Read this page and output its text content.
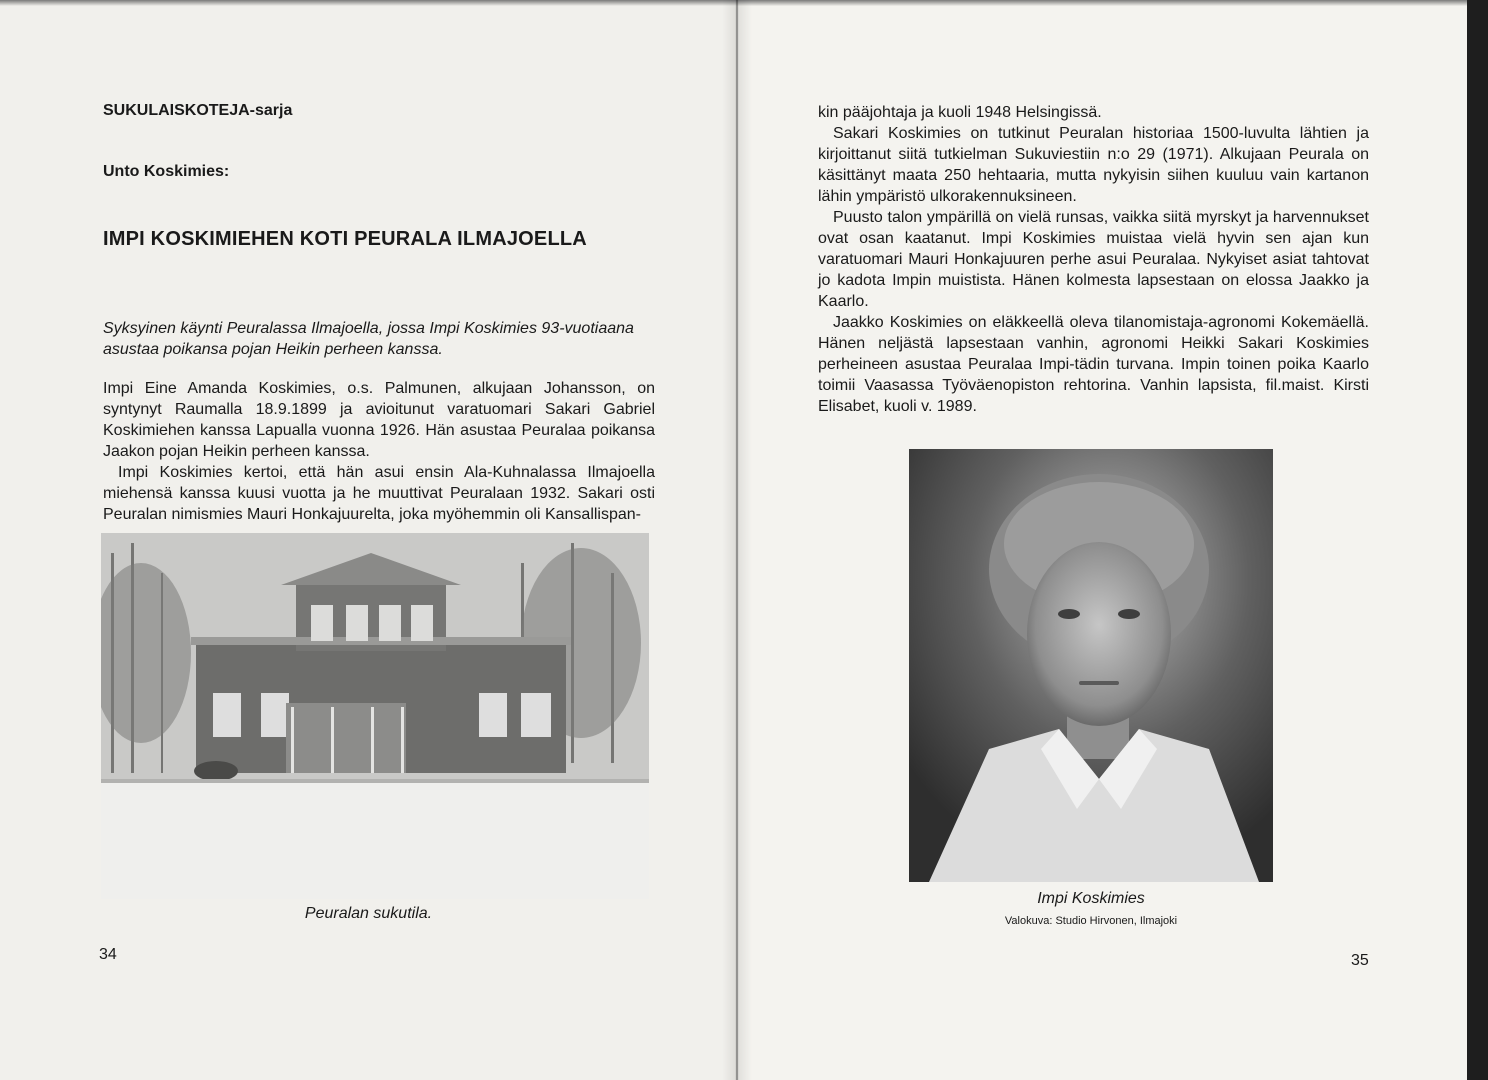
SUKULAISKOTEJA-sarja
Unto Koskimies:
IMPI KOSKIMIEHEN KOTI PEURALA ILMAJOELLA
Syksyinen käynti Peuralassa Ilmajoella, jossa Impi Koskimies 93-vuotiaana asustaa poikansa pojan Heikin perheen kanssa.

Impi Eine Amanda Koskimies, o.s. Palmunen, alkujaan Johansson, on syntynyt Raumalla 18.9.1899 ja avioitunut varatuomari Sakari Gabriel Koskimiehen kanssa Lapualla vuonna 1926. Hän asustaa Peuralaa poikansa Jaakon pojan Heikin perheen kanssa.

Impi Koskimies kertoi, että hän asui ensin Ala-Kuhnalassa Ilmajoella miehensä kanssa kuusi vuotta ja he muuttivat Peuralaan 1932. Sakari osti Peuralan nimismies Mauri Honkajuurelta, joka myöhemmin oli Kansallispan-

Peuralan sukutila.
34

kin pääjohtaja ja kuoli 1948 Helsingissä.

Sakari Koskimies on tutkinut Peuralan historiaa 1500-luvulta lähtien ja kirjoittanut siitä tutkielman Sukuviestiin n:o 29 (1971). Alkujaan Peurala on käsittänyt maata 250 hehtaaria, mutta nykyisin siihen kuuluu vain kartanon lähin ympäristö ulkorakennuksineen.

Puusto talon ympärillä on vielä runsas, vaikka siitä myrskyt ja harvennukset ovat osan kaatanut. Impi Koskimies muistaa vielä hyvin sen ajan kun varatuomari Mauri Honkajuuren perhe asui Peuralaa. Nykyiset asiat tahtovat jo kadota Impin muistista. Hänen kolmesta lapsestaan on elossa Jaakko ja Kaarlo.

Jaakko Koskimies on eläkkeellä oleva tilanomistaja-agronomi Kokemäellä. Hänen neljästä lapsestaan vanhin, agronomi Heikki Sakari Koskimies perheineen asustaa Peuralaa Impi-tädin turvana. Impin toinen poika Kaarlo toimii Vaasassa Työväenopiston rehtorina. Vanhin lapsista, fil.maist. Kirsti Elisabet, kuoli v. 1989.

Impi Koskimies
Valokuva: Studio Hirvonen, Ilmajoki
35
